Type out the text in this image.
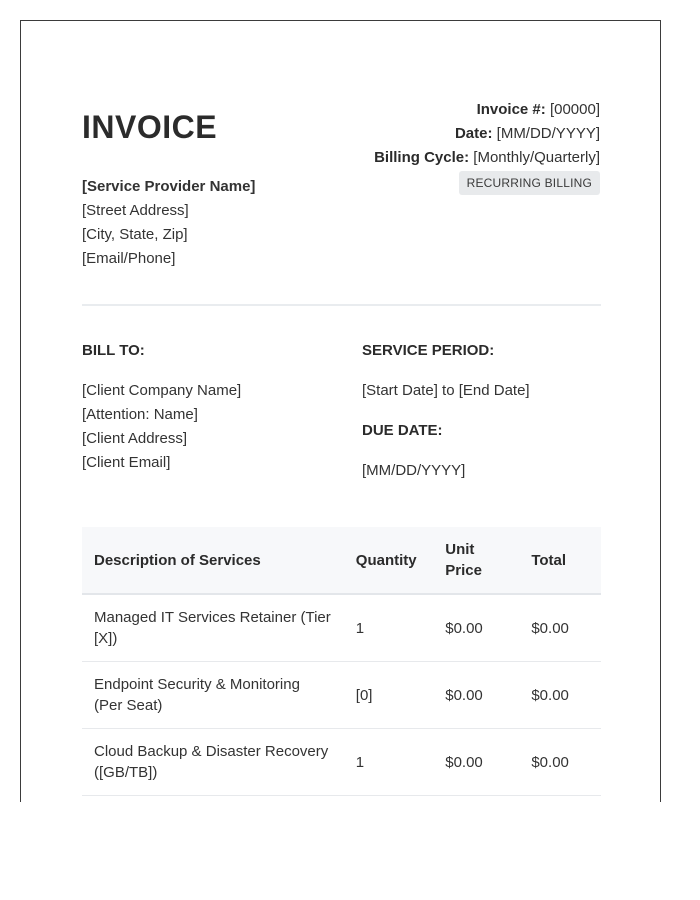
INVOICE
[Service Provider Name]
[Street Address]
[City, State, Zip]
[Email/Phone]
Invoice #: [00000]
Date: [MM/DD/YYYY]
Billing Cycle: [Monthly/Quarterly]
RECURRING BILLING
BILL TO:

[Client Company Name]

[Attention: Name]

[Client Address]

[Client Email]

SERVICE PERIOD:

[Start Date] to [End Date]

DUE DATE:

[MM/DD/YYYY]

Description of Services	Quantity	Unit Price	Total
Managed IT Services Retainer (Tier [X])	1	$0.00	$0.00
Endpoint Security & Monitoring (Per Seat)	[0]	$0.00	$0.00
Cloud Backup & Disaster Recovery ([GB/TB])	1	$0.00	$0.00
